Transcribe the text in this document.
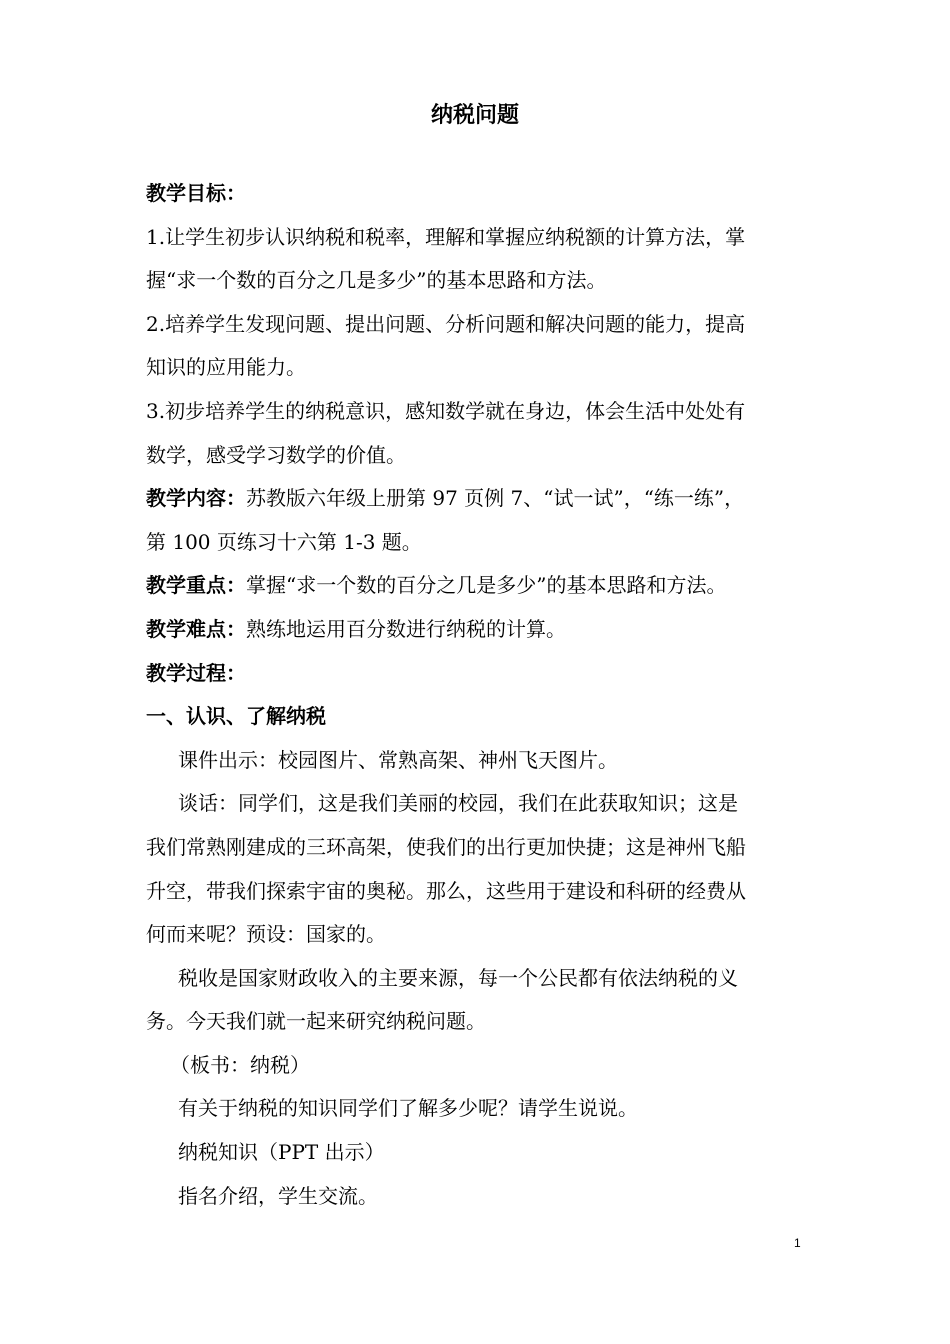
纳税问题
教学目标：
1.让学生初步认识纳税和税率，理解和掌握应纳税额的计算方法，掌
握“求一个数的百分之几是多少”的基本思路和方法。
2.培养学生发现问题、提出问题、分析问题和解决问题的能力，提高
知识的应用能力。
3.初步培养学生的纳税意识，感知数学就在身边，体会生活中处处有
数学，感受学习数学的价值。
教学内容：苏教版六年级上册第 97 页例 7、“试一试”，“练一练”，
第 100 页练习十六第 1-3 题。
教学重点：掌握“求一个数的百分之几是多少”的基本思路和方法。
教学难点：熟练地运用百分数进行纳税的计算。
教学过程：
一、认识、了解纳税
课件出示：校园图片、常熟高架、神州飞天图片。
谈话：同学们，这是我们美丽的校园，我们在此获取知识；这是
我们常熟刚建成的三环高架，使我们的出行更加快捷；这是神州飞船
升空，带我们探索宇宙的奥秘。那么，这些用于建设和科研的经费从
何而来呢？预设：国家的。
税收是国家财政收入的主要来源，每一个公民都有依法纳税的义
务。今天我们就一起来研究纳税问题。
（板书：纳税）
有关于纳税的知识同学们了解多少呢？请学生说说。
纳税知识（PPT 出示）
指名介绍，学生交流。
1
